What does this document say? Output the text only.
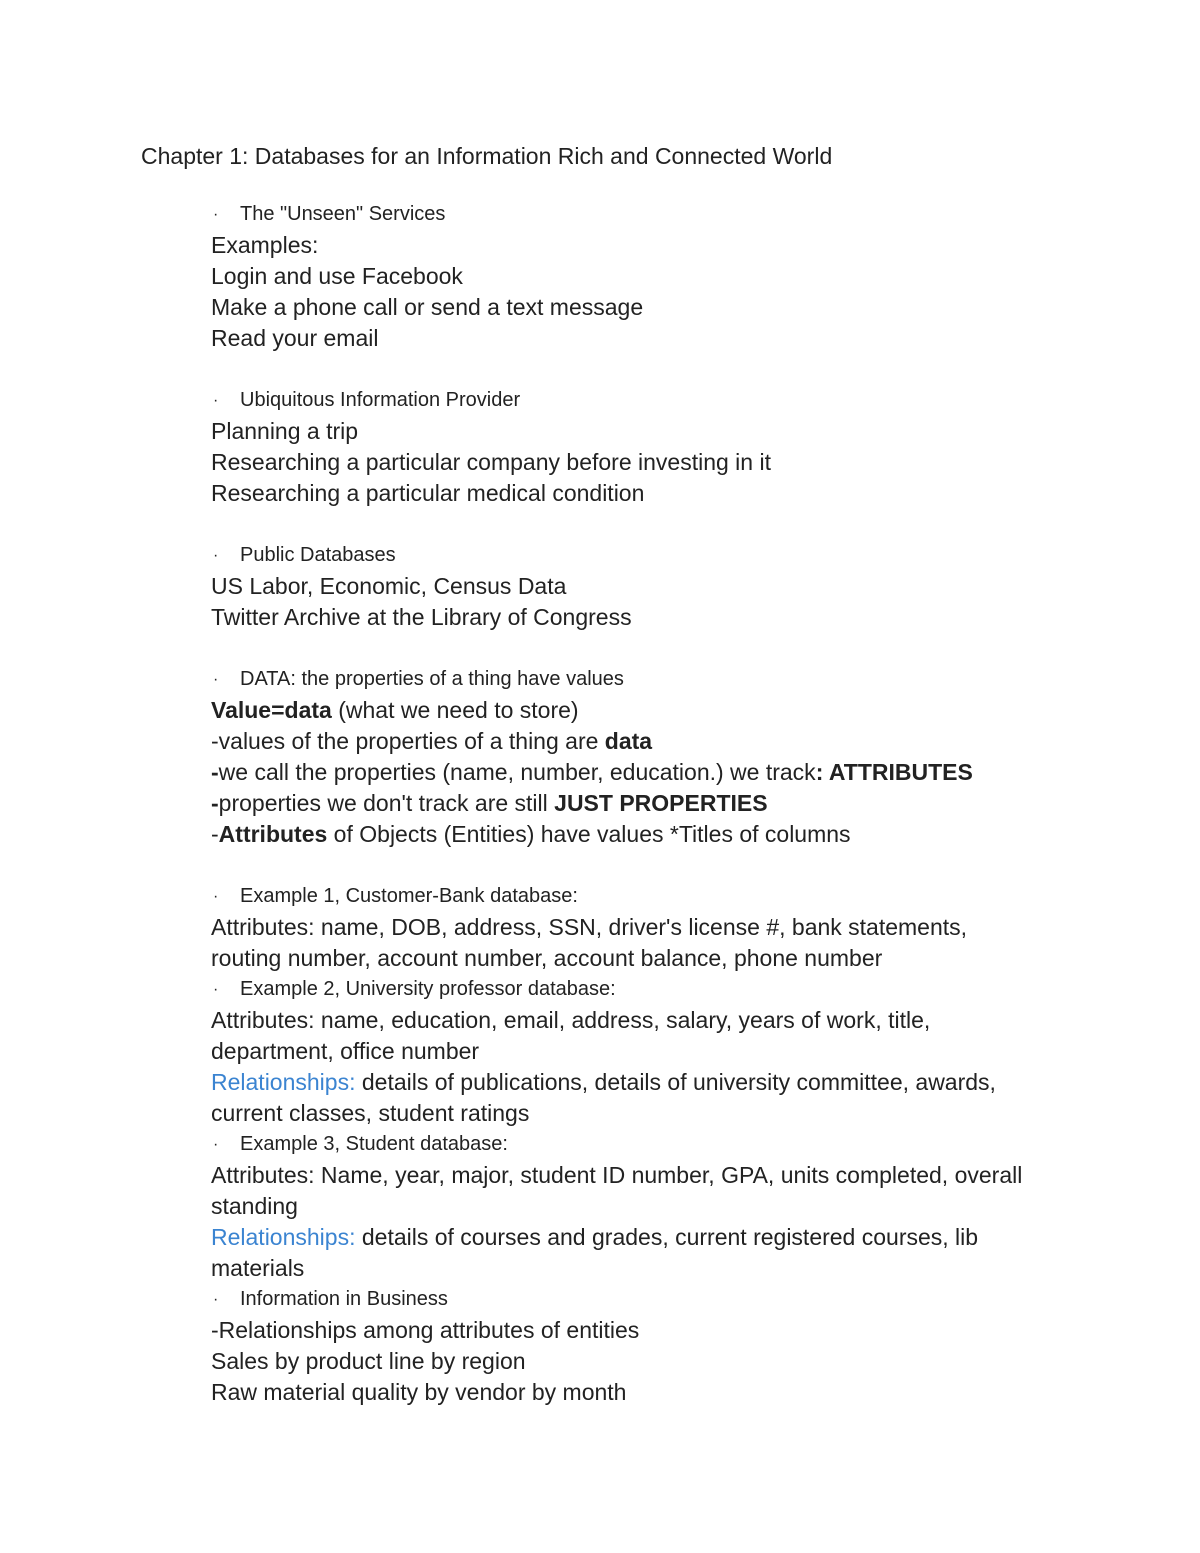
Chapter 1: Databases for an Information Rich and Connected World
· The "Unseen" Services
Examples:
Login and use Facebook
Make a phone call or send a text message
Read your email
· Ubiquitous Information Provider
Planning a trip
Researching a particular company before investing in it
Researching a particular medical condition
· Public Databases
US Labor, Economic, Census Data
Twitter Archive at the Library of Congress
· DATA: the properties of a thing have values
Value=data (what we need to store)
-values of the properties of a thing are data
-we call the properties (name, number, education.) we track: ATTRIBUTES
-properties we don't track are still JUST PROPERTIES
-Attributes of Objects (Entities) have values *Titles of columns
· Example 1, Customer-Bank database:
Attributes: name, DOB, address, SSN, driver's license #, bank statements,
routing number, account number, account balance, phone number
· Example 2, University professor database:
Attributes: name, education, email, address, salary, years of work, title,
department, office number
Relationships: details of publications, details of university committee, awards,
current classes, student ratings
· Example 3, Student database:
Attributes: Name, year, major, student ID number, GPA, units completed, overall
standing
Relationships: details of courses and grades, current registered courses, lib
materials
· Information in Business
-Relationships among attributes of entities
Sales by product line by region
Raw material quality by vendor by month
